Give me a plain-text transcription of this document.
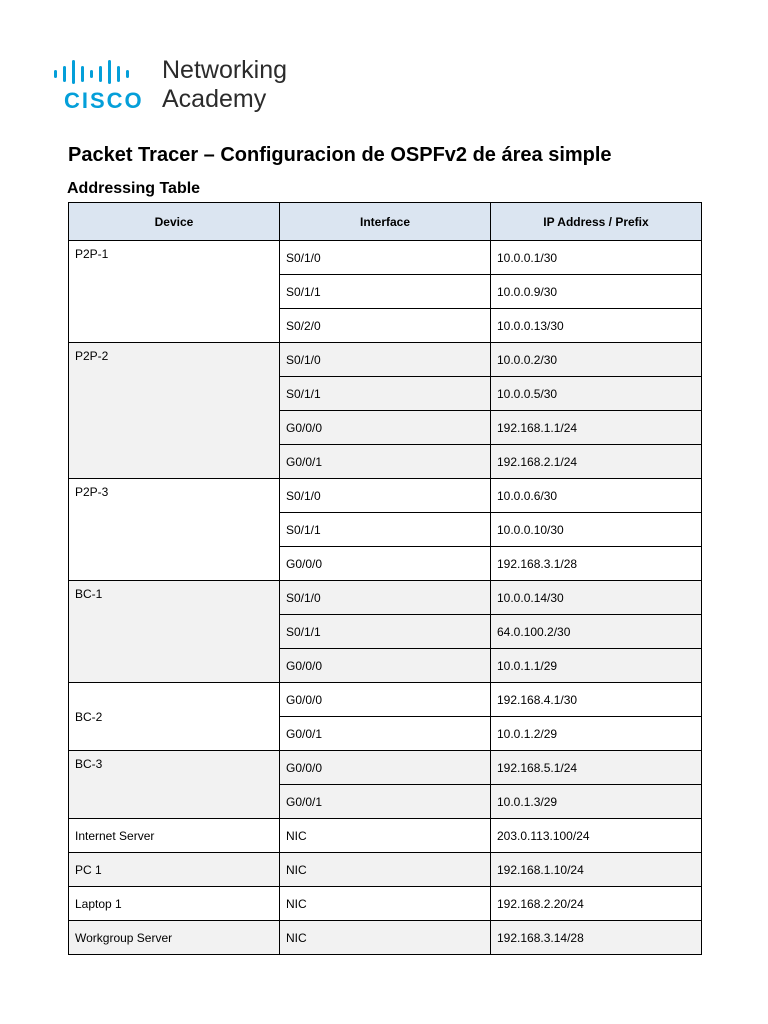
CISCO
Networking
Academy
Packet Tracer – Configuracion de OSPFv2 de área simple
Addressing Table
Device	Interface	IP Address / Prefix
P2P-1	S0/1/0	10.0.0.1/30
	S0/1/1	10.0.0.9/30
	S0/2/0	10.0.0.13/30
P2P-2	S0/1/0	10.0.0.2/30
	S0/1/1	10.0.0.5/30
	G0/0/0	192.168.1.1/24
	G0/0/1	192.168.2.1/24
P2P-3	S0/1/0	10.0.0.6/30
	S0/1/1	10.0.0.10/30
	G0/0/0	192.168.3.1/28
BC-1	S0/1/0	10.0.0.14/30
	S0/1/1	64.0.100.2/30
	G0/0/0	10.0.1.1/29
BC-2	G0/0/0	192.168.4.1/30
	G0/0/1	10.0.1.2/29
BC-3	G0/0/0	192.168.5.1/24
	G0/0/1	10.0.1.3/29
Internet Server	NIC	203.0.113.100/24
PC 1	NIC	192.168.1.10/24
Laptop 1	NIC	192.168.2.20/24
Workgroup Server	NIC	192.168.3.14/28
